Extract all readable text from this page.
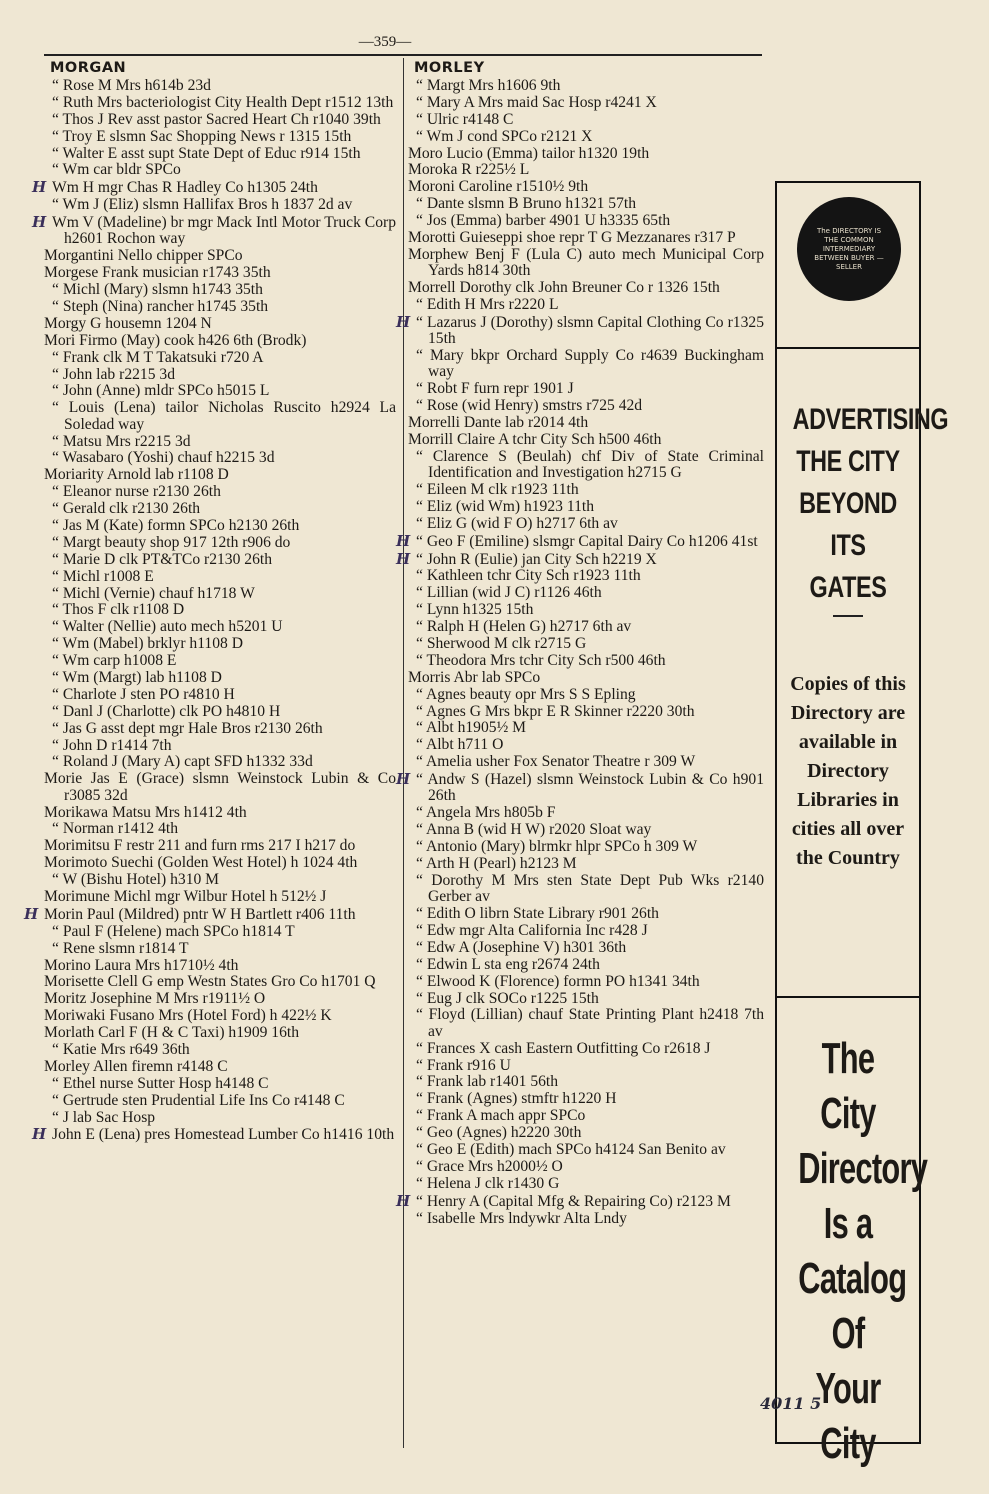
—359—
MORGAN
“ Rose M Mrs h614b 23d
“ Ruth Mrs bacteriologist City Health Dept r1512 13th
“ Thos J Rev asst pastor Sacred Heart Ch r1040 39th
“ Troy E slsmn Sac Shopping News r 1315 15th
“ Walter E asst supt State Dept of Educ r914 15th
“ Wm car bldr SPCo
H Wm H mgr Chas R Hadley Co h1305 24th
“ Wm J (Eliz) slsmn Hallifax Bros h 1837 2d av
H Wm V (Madeline) br mgr Mack Intl Motor Truck Corp h2601 Rochon way
Morgantini Nello chipper SPCo
Morgese Frank musician r1743 35th
“ Michl (Mary) slsmn h1743 35th
“ Steph (Nina) rancher h1745 35th
Morgy G housemn 1204 N
Mori Firmo (May) cook h426 6th (Brodk)
“ Frank clk M T Takatsuki r720 A
“ John lab r2215 3d
“ John (Anne) mldr SPCo h5015 L
“ Louis (Lena) tailor Nicholas Ruscito h2924 La Soledad way
“ Matsu Mrs r2215 3d
“ Wasabaro (Yoshi) chauf h2215 3d
Moriarity Arnold lab r1108 D
“ Eleanor nurse r2130 26th
“ Gerald clk r2130 26th
“ Jas M (Kate) formn SPCo h2130 26th
“ Margt beauty shop 917 12th r906 do
“ Marie D clk PT&TCo r2130 26th
“ Michl r1008 E
“ Michl (Vernie) chauf h1718 W
“ Thos F clk r1108 D
“ Walter (Nellie) auto mech h5201 U
“ Wm (Mabel) brklyr h1108 D
“ Wm carp h1008 E
“ Wm (Margt) lab h1108 D
“ Charlote J sten PO r4810 H
“ Danl J (Charlotte) clk PO h4810 H
“ Jas G asst dept mgr Hale Bros r2130 26th
“ John D r1414 7th
“ Roland J (Mary A) capt SFD h1332 33d
Morie Jas E (Grace) slsmn Weinstock Lubin & Co r3085 32d
Morikawa Matsu Mrs h1412 4th
“ Norman r1412 4th
Morimitsu F restr 211 and furn rms 217 I h217 do
Morimoto Suechi (Golden West Hotel) h 1024 4th
“ W (Bishu Hotel) h310 M
Morimune Michl mgr Wilbur Hotel h 512½ J
H Morin Paul (Mildred) pntr W H Bartlett r406 11th
“ Paul F (Helene) mach SPCo h1814 T
“ Rene slsmn r1814 T
Morino Laura Mrs h1710½ 4th
Morisette Clell G emp Westn States Gro Co h1701 Q
Moritz Josephine M Mrs r1911½ O
Moriwaki Fusano Mrs (Hotel Ford) h 422½ K
Morlath Carl F (H & C Taxi) h1909 16th
“ Katie Mrs r649 36th
Morley Allen firemn r4148 C
“ Ethel nurse Sutter Hosp h4148 C
“ Gertrude sten Prudential Life Ins Co r4148 C
“ J lab Sac Hosp
H John E (Lena) pres Homestead Lumber Co h1416 10th
MORLEY
“ Margt Mrs h1606 9th
“ Mary A Mrs maid Sac Hosp r4241 X
“ Ulric r4148 C
“ Wm J cond SPCo r2121 X
Moro Lucio (Emma) tailor h1320 19th
Moroka R r225½ L
Moroni Caroline r1510½ 9th
“ Dante slsmn B Bruno h1321 57th
“ Jos (Emma) barber 4901 U h3335 65th
Morotti Guieseppi shoe repr T G Mezzanares r317 P
Morphew Benj F (Lula C) auto mech Municipal Corp Yards h814 30th
Morrell Dorothy clk John Breuner Co r 1326 15th
“ Edith H Mrs r2220 L
H “ Lazarus J (Dorothy) slsmn Capital Clothing Co r1325 15th
“ Mary bkpr Orchard Supply Co r4639 Buckingham way
“ Robt F furn repr 1901 J
“ Rose (wid Henry) smstrs r725 42d
Morrelli Dante lab r2014 4th
Morrill Claire A tchr City Sch h500 46th
“ Clarence S (Beulah) chf Div of State Criminal Identification and Investigation h2715 G
“ Eileen M clk r1923 11th
“ Eliz (wid Wm) h1923 11th
“ Eliz G (wid F O) h2717 6th av
H “ Geo F (Emiline) slsmgr Capital Dairy Co h1206 41st
H “ John R (Eulie) jan City Sch h2219 X
“ Kathleen tchr City Sch r1923 11th
“ Lillian (wid J C) r1126 46th
“ Lynn h1325 15th
“ Ralph H (Helen G) h2717 6th av
“ Sherwood M clk r2715 G
“ Theodora Mrs tchr City Sch r500 46th
Morris Abr lab SPCo
“ Agnes beauty opr Mrs S S Epling
“ Agnes G Mrs bkpr E R Skinner r2220 30th
“ Albt h1905½ M
“ Albt h711 O
“ Amelia usher Fox Senator Theatre r 309 W
H “ Andw S (Hazel) slsmn Weinstock Lubin & Co h901 26th
“ Angela Mrs h805b F
“ Anna B (wid H W) r2020 Sloat way
“ Antonio (Mary) blrmkr hlpr SPCo h 309 W
“ Arth H (Pearl) h2123 M
“ Dorothy M Mrs sten State Dept Pub Wks r2140 Gerber av
“ Edith O librn State Library r901 26th
“ Edw mgr Alta California Inc r428 J
“ Edw A (Josephine V) h301 36th
“ Edwin L sta eng r2674 24th
“ Elwood K (Florence) formn PO h1341 34th
“ Eug J clk SOCo r1225 15th
“ Floyd (Lillian) chauf State Printing Plant h2418 7th av
“ Frances X cash Eastern Outfitting Co r2618 J
“ Frank r916 U
“ Frank lab r1401 56th
“ Frank (Agnes) stmftr h1220 H
“ Frank A mach appr SPCo
“ Geo (Agnes) h2220 30th
“ Geo E (Edith) mach SPCo h4124 San Benito av
“ Grace Mrs h2000½ O
“ Helena J clk r1430 G
H “ Henry A (Capital Mfg & Repairing Co) r2123 M
“ Isabelle Mrs lndywkr Alta Lndy
The DIRECTORY IS THE COMMON INTERMEDIARY BETWEEN BUYER — SELLER
ADVERTISING THE CITY BEYOND ITS GATES
Copies of this Directory are available in Directory Libraries in cities all over the Country
The City Directory Is a Catalog Of Your City
4011 5
